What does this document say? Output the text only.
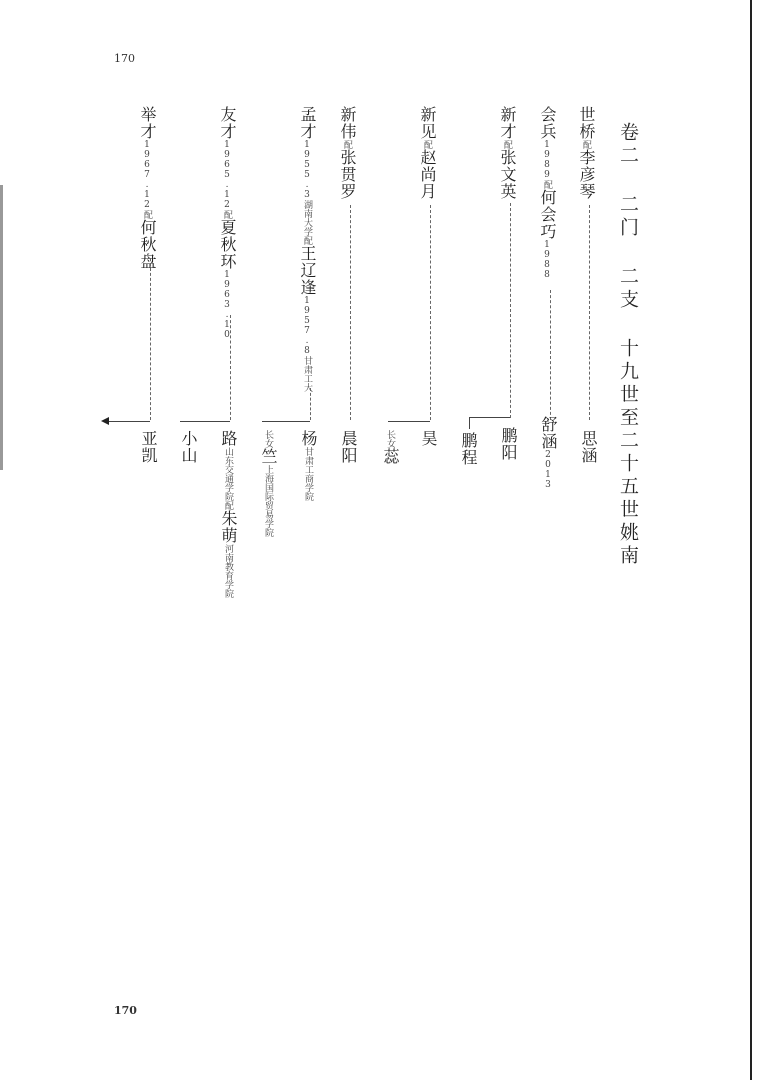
170
170
卷二 二门 二支 十九世至二十五世姚南
世桥配李彦琴
思涵
会兵1989配何会巧1988
舒涵2013
新才配张文英
鹏阳
鹏程
新见配赵尚月
昊
长女蕊
新伟配张贯罗
晨阳
孟才1955.3湖南大学配王辽逢1957.8甘肃工大
杨甘肃工商学院
长女竺上海国际贸易学院
友才1965.12配夏秋环1963.10
路山东交通学院配朱萌河南教育学院
小山
举才1967.12配何秋盘
亚凯
